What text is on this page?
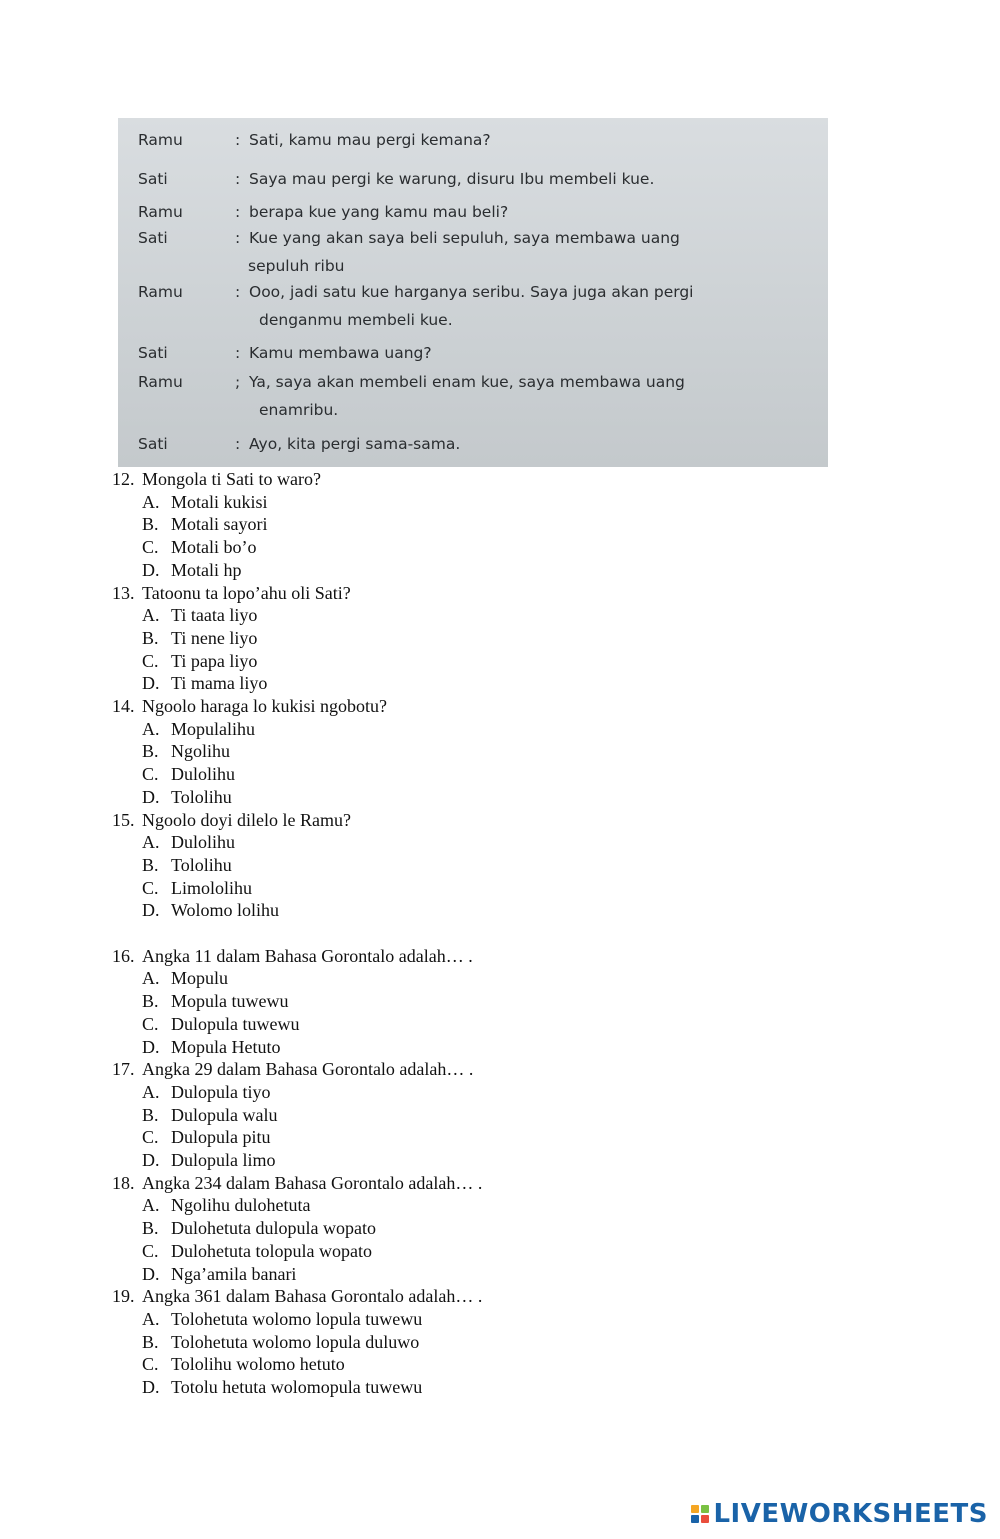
Ramu	: Sati, kamu mau pergi kemana?
Sati	: Saya mau pergi ke warung, disuru Ibu membeli kue.
Ramu	: berapa kue yang kamu mau beli?
Sati	: Kue yang akan saya beli sepuluh, saya membawa uang
sepuluh ribu
Ramu	: Ooo, jadi satu kue harganya seribu. Saya juga akan pergi
denganmu membeli kue.
Sati	: Kamu membawa uang?
Ramu	; Ya, saya akan membeli enam kue, saya membawa uang
enamribu.
Sati	: Ayo, kita pergi sama-sama.
12. Mongola ti Sati to waro?
A. Motali kukisi
B. Motali sayori
C. Motali bo’o
D. Motali hp
13. Tatoonu ta lopo’ahu oli Sati?
A. Ti taata liyo
B. Ti nene liyo
C. Ti papa liyo
D. Ti mama liyo
14. Ngoolo haraga lo kukisi ngobotu?
A. Mopulalihu
B. Ngolihu
C. Dulolihu
D. Tololihu
15. Ngoolo doyi dilelo le Ramu?
A. Dulolihu
B. Tololihu
C. Limololihu
D. Wolomo lolihu
16. Angka 11 dalam Bahasa Gorontalo adalah… .
A. Mopulu
B. Mopula tuwewu
C. Dulopula tuwewu
D. Mopula Hetuto
17. Angka 29 dalam Bahasa Gorontalo adalah… .
A. Dulopula tiyo
B. Dulopula walu
C. Dulopula pitu
D. Dulopula limo
18. Angka 234 dalam Bahasa Gorontalo adalah… .
A. Ngolihu dulohetuta
B. Dulohetuta dulopula wopato
C. Dulohetuta tolopula wopato
D. Nga’amila banari
19. Angka 361 dalam Bahasa Gorontalo adalah… .
A. Tolohetuta wolomo lopula tuwewu
B. Tolohetuta wolomo lopula duluwo
C. Tololihu wolomo hetuto
D. Totolu hetuta wolomopula tuwewu
LIVEWORKSHEETS
